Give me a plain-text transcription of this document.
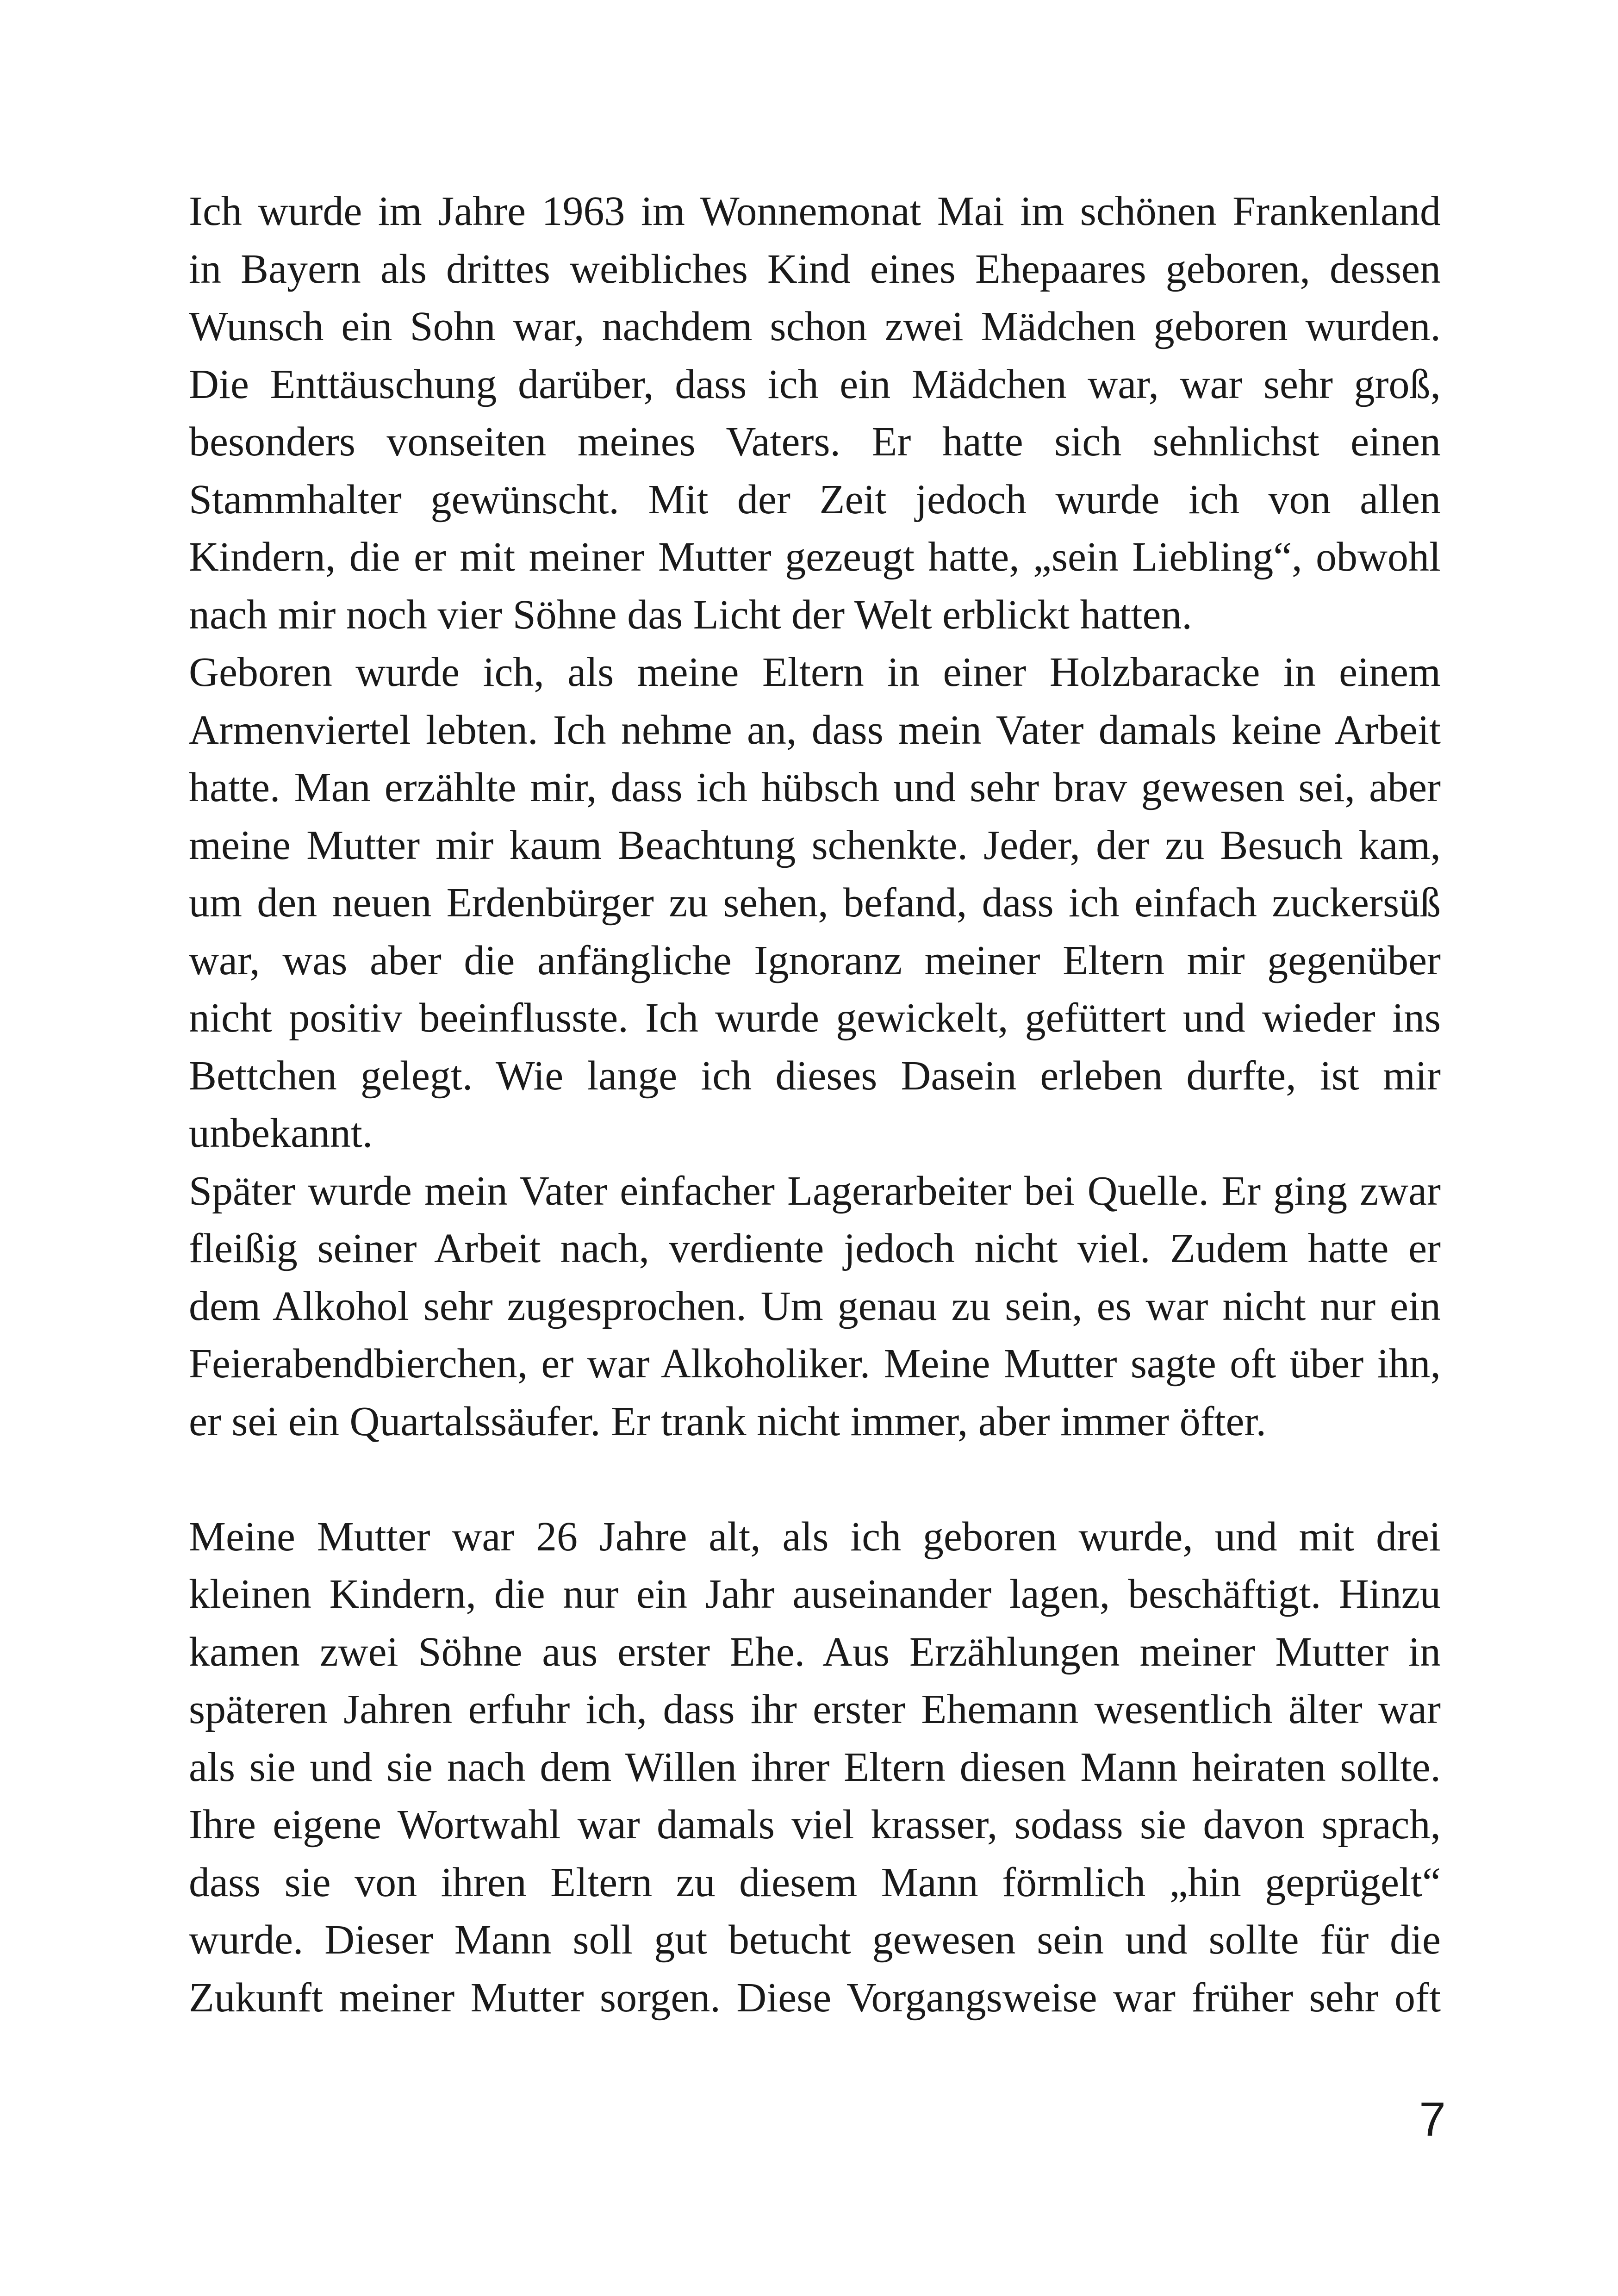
Ich wurde im Jahre 1963 im Wonnemonat Mai im schönen Frankenland
in Bayern als drittes weibliches Kind eines Ehepaares geboren, dessen
Wunsch ein Sohn war, nachdem schon zwei Mädchen geboren wurden.
Die Enttäuschung darüber, dass ich ein Mädchen war, war sehr groß,
besonders vonseiten meines Vaters. Er hatte sich sehnlichst einen
Stammhalter gewünscht. Mit der Zeit jedoch wurde ich von allen
Kindern, die er mit meiner Mutter gezeugt hatte, „sein Liebling“, obwohl
nach mir noch vier Söhne das Licht der Welt erblickt hatten.
Geboren wurde ich, als meine Eltern in einer Holzbaracke in einem
Armenviertel lebten. Ich nehme an, dass mein Vater damals keine Arbeit
hatte. Man erzählte mir, dass ich hübsch und sehr brav gewesen sei, aber
meine Mutter mir kaum Beachtung schenkte. Jeder, der zu Besuch kam,
um den neuen Erdenbürger zu sehen, befand, dass ich einfach zuckersüß
war, was aber die anfängliche Ignoranz meiner Eltern mir gegenüber
nicht positiv beeinflusste. Ich wurde gewickelt, gefüttert und wieder ins
Bettchen gelegt. Wie lange ich dieses Dasein erleben durfte, ist mir
unbekannt.
Später wurde mein Vater einfacher Lagerarbeiter bei Quelle. Er ging zwar
fleißig seiner Arbeit nach, verdiente jedoch nicht viel. Zudem hatte er
dem Alkohol sehr zugesprochen. Um genau zu sein, es war nicht nur ein
Feierabendbierchen, er war Alkoholiker. Meine Mutter sagte oft über ihn,
er sei ein Quartalssäufer. Er trank nicht immer, aber immer öfter.
Meine Mutter war 26 Jahre alt, als ich geboren wurde, und mit drei
kleinen Kindern, die nur ein Jahr auseinander lagen, beschäftigt. Hinzu
kamen zwei Söhne aus erster Ehe. Aus Erzählungen meiner Mutter in
späteren Jahren erfuhr ich, dass ihr erster Ehemann wesentlich älter war
als sie und sie nach dem Willen ihrer Eltern diesen Mann heiraten sollte.
Ihre eigene Wortwahl war damals viel krasser, sodass sie davon sprach,
dass sie von ihren Eltern zu diesem Mann förmlich „hin geprügelt“
wurde. Dieser Mann soll gut betucht gewesen sein und sollte für die
Zukunft meiner Mutter sorgen. Diese Vorgangsweise war früher sehr oft
7
